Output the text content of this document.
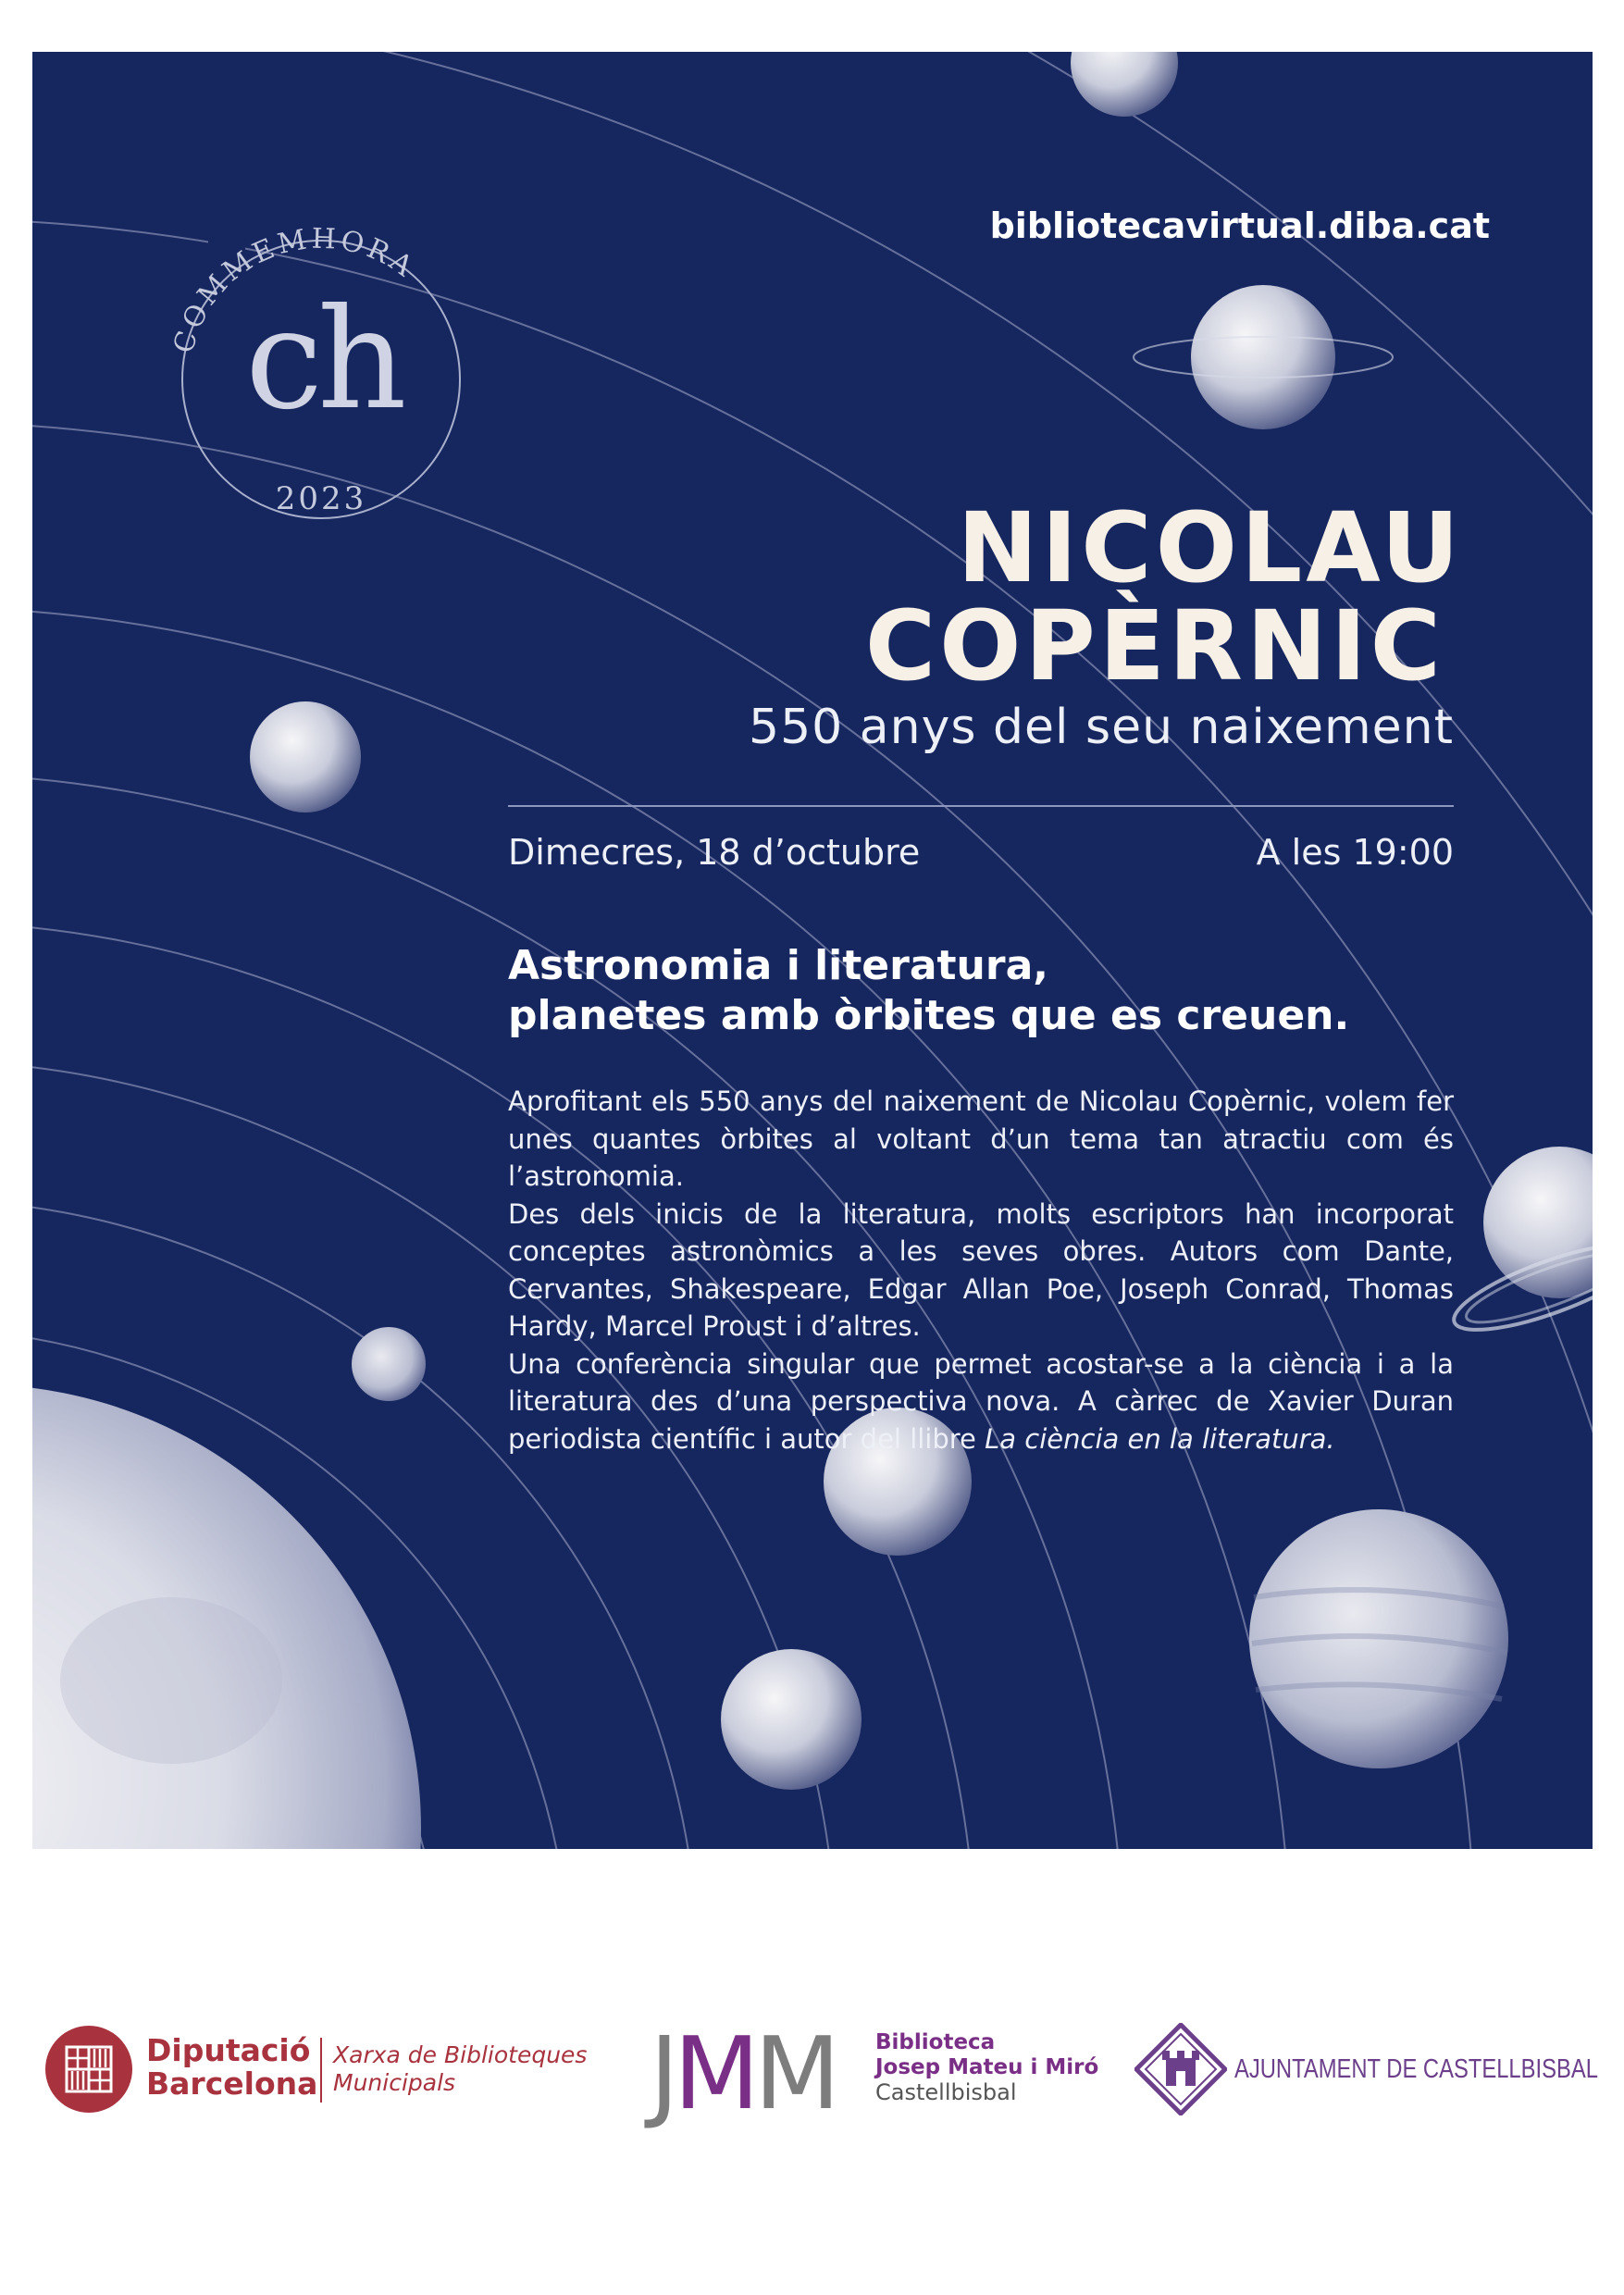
COMMEMHORA
2023
ch
bibliotecavirtual.diba.cat
NICOLAU
COPÈRNIC
550 anys del seu naixement
Dimecres, 18 d’octubre	A les 19:00
Astronomia i literatura,
planetes amb òrbites que es creuen.

Aprofitant els 550 anys del naixement de Nicolau Copèrnic, volem fer unes quantes òrbites al voltant d’un tema tan atractiu com és l’astronomia.

Des dels inicis de la literatura, molts escriptors han incorporat conceptes astronòmics a les seves obres. Autors com Dante, Cervantes, Shakespeare, Edgar Allan Poe, Joseph Conrad, Thomas Hardy, Marcel Proust i d’altres.

Una conferència singular que permet acostar-se a la ciència i a la literatura des d’una perspectiva nova. A càrrec de Xavier Duran periodista científic i autor del llibre La ciència en la literatura.

Diputació
Barcelona
Xarxa de Biblioteques
Municipals	JMM Biblioteca
Josep Mateu i Miró
Castellbisbal
AJUNTAMENT DE CASTELLBISBAL
